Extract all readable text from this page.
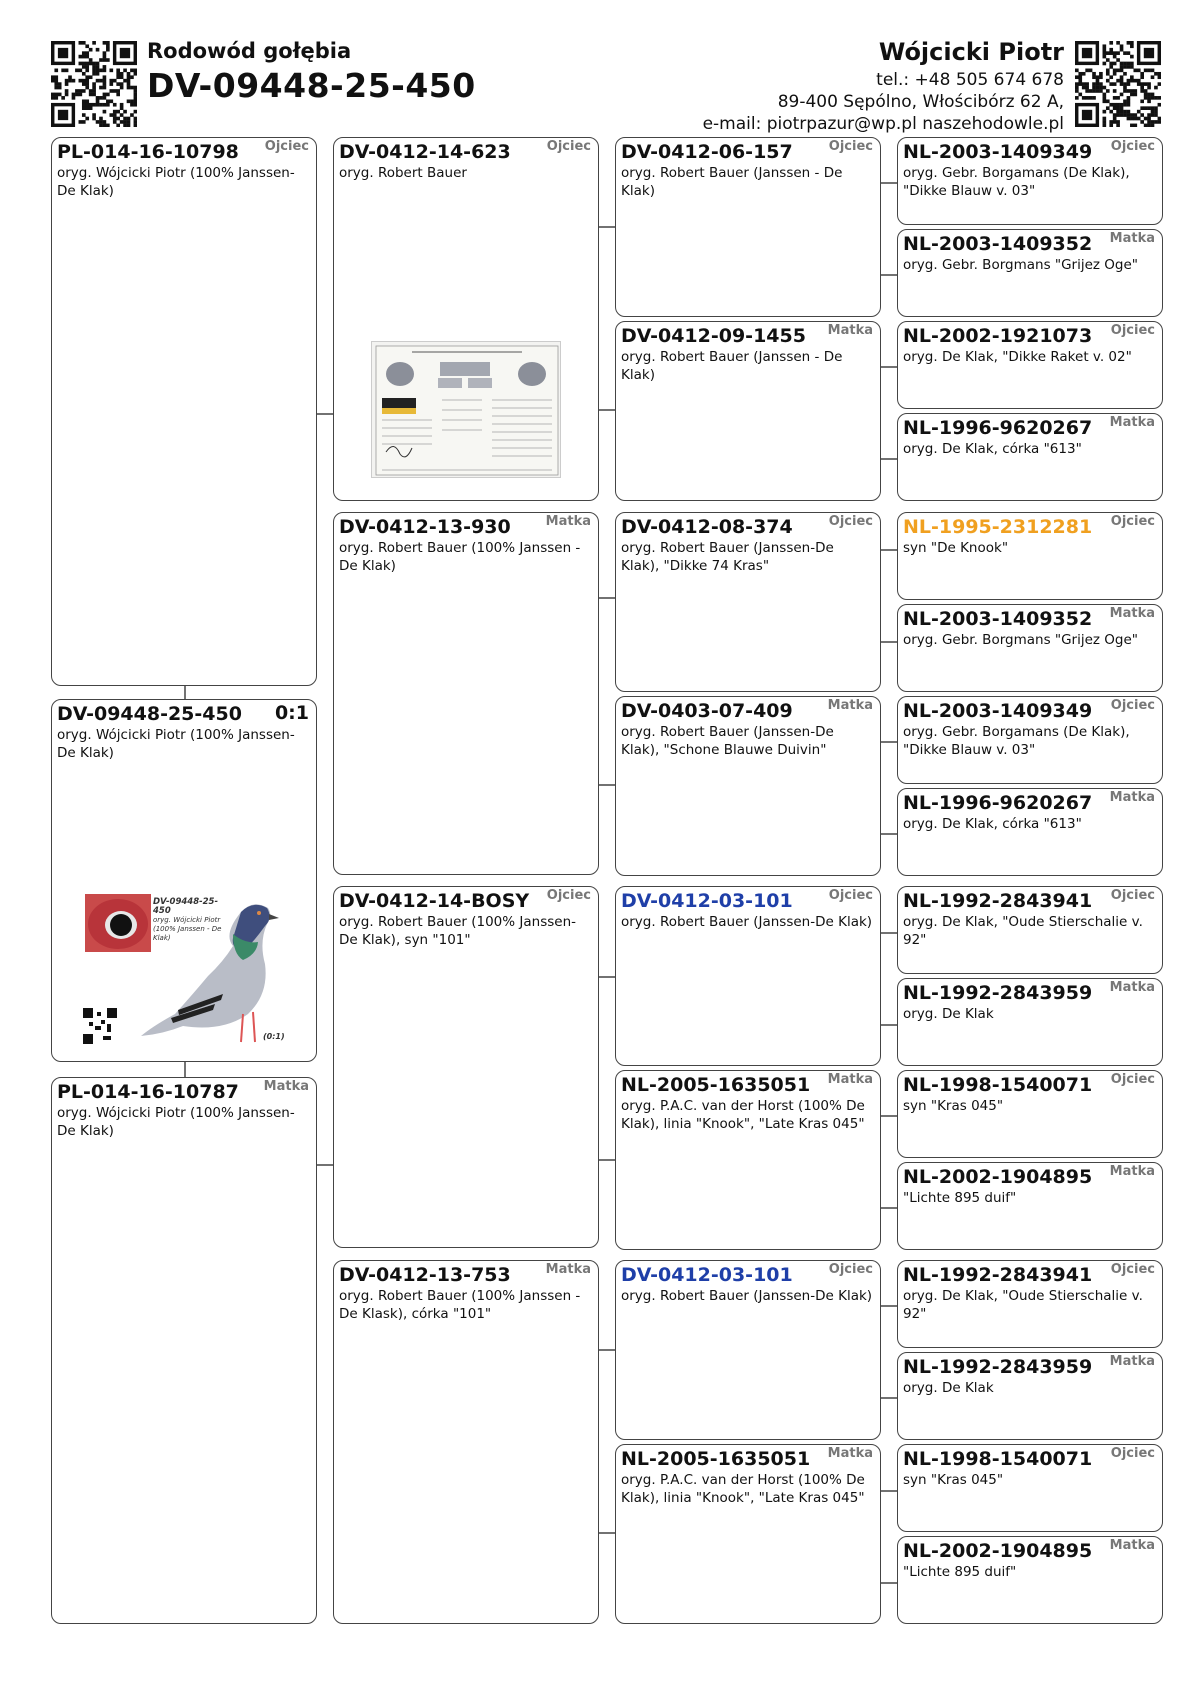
Rodowód gołębia
DV-09448-25-450
Wójcicki Piotr
tel.: +48 505 674 678
89-400 Sępólno, Włościbórz 62 A,
e-mail: piotrpazur@wp.pl naszehodowle.pl
PL-014-16-10798	Ojciec
oryg. Wójcicki Piotr (100% Janssen-De Klak)
DV-09448-25-450	0:1
oryg. Wójcicki Piotr (100% Janssen-De Klak)
DV-09448-25-450
oryg. Wójcicki Piotr
(100% Janssen - De Klak)
(0:1)
PL-014-16-10787	Matka
oryg. Wójcicki Piotr (100% Janssen-De Klak)
DV-0412-14-623	Ojciec
oryg. Robert Bauer
DV-0412-13-930	Matka
oryg. Robert Bauer (100% Janssen - De Klak)
DV-0412-14-BOSY	Ojciec
oryg. Robert Bauer (100% Janssen-De Klak), syn "101"
DV-0412-13-753	Matka
oryg. Robert Bauer (100% Janssen - De Klask), córka "101"
DV-0412-06-157	Ojciec
oryg. Robert Bauer (Janssen - De Klak)
DV-0412-09-1455	Matka
oryg. Robert Bauer (Janssen - De Klak)
DV-0412-08-374	Ojciec
oryg. Robert Bauer (Janssen-De Klak), "Dikke 74 Kras"
DV-0403-07-409	Matka
oryg. Robert Bauer (Janssen-De Klak), "Schone Blauwe Duivin"
DV-0412-03-101	Ojciec
oryg. Robert Bauer (Janssen-De Klak)
NL-2005-1635051	Matka
oryg. P.A.C. van der Horst (100% De Klak), linia "Knook", "Late Kras 045"
DV-0412-03-101	Ojciec
oryg. Robert Bauer (Janssen-De Klak)
NL-2005-1635051	Matka
oryg. P.A.C. van der Horst (100% De Klak), linia "Knook", "Late Kras 045"
NL-2003-1409349	Ojciec
oryg. Gebr. Borgamans (De Klak), "Dikke Blauw v. 03"
NL-2003-1409352	Matka
oryg. Gebr. Borgmans "Grijez Oge"
NL-2002-1921073	Ojciec
oryg. De Klak, "Dikke Raket v. 02"
NL-1996-9620267	Matka
oryg. De Klak, córka "613"
NL-1995-2312281	Ojciec
syn "De Knook"
NL-2003-1409352	Matka
oryg. Gebr. Borgmans "Grijez Oge"
NL-2003-1409349	Ojciec
oryg. Gebr. Borgamans (De Klak), "Dikke Blauw v. 03"
NL-1996-9620267	Matka
oryg. De Klak, córka "613"
NL-1992-2843941	Ojciec
oryg. De Klak, "Oude Stierschalie v. 92"
NL-1992-2843959	Matka
oryg. De Klak
NL-1998-1540071	Ojciec
syn "Kras 045"
NL-2002-1904895	Matka
"Lichte 895 duif"
NL-1992-2843941	Ojciec
oryg. De Klak, "Oude Stierschalie v. 92"
NL-1992-2843959	Matka
oryg. De Klak
NL-1998-1540071	Ojciec
syn "Kras 045"
NL-2002-1904895	Matka
"Lichte 895 duif"
